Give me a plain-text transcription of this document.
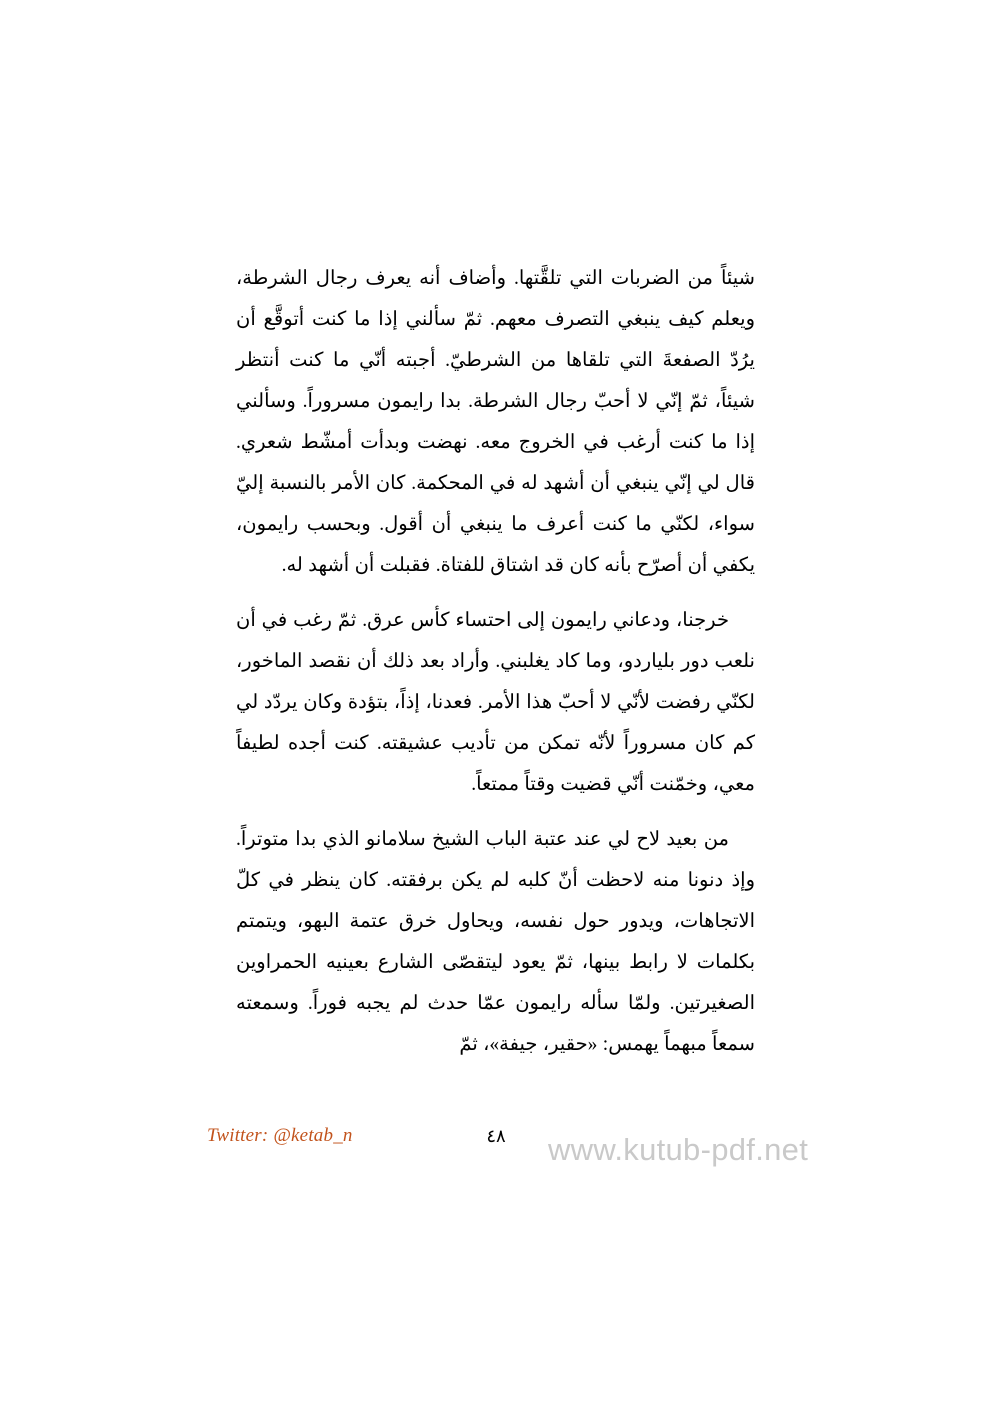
شيئاً من الضربات التي تلقَّتها. وأضاف أنه يعرف رجال الشرطة، ويعلم كيف ينبغي التصرف معهم. ثمّ سألني إذا ما كنت أتوقَّع أن يرُدّ الصفعةَ التي تلقاها من الشرطيّ. أجبته أنّي ما كنت أنتظر شيئاً، ثمّ إنّي لا أحبّ رجال الشرطة. بدا رايمون مسروراً. وسألني إذا ما كنت أرغب في الخروج معه. نهضت وبدأت أمشّط شعري. قال لي إنّي ينبغي أن أشهد له في المحكمة. كان الأمر بالنسبة إليّ سواء، لكنّي ما كنت أعرف ما ينبغي أن أقول. وبحسب رايمون، يكفي أن أصرّح بأنه كان قد اشتاق للفتاة. فقبلت أن أشهد له.

خرجنا، ودعاني رايمون إلى احتساء كأس عرق. ثمّ رغب في أن نلعب دور بلياردو، وما كاد يغلبني. وأراد بعد ذلك أن نقصد الماخور، لكنّي رفضت لأنّي لا أحبّ هذا الأمر. فعدنا، إذاً، بتؤدة وكان يردّد لي كم كان مسروراً لأنّه تمكن من تأديب عشيقته. كنت أجده لطيفاً معي، وخمّنت أنّي قضيت وقتاً ممتعاً.

من بعيد لاح لي عند عتبة الباب الشيخ سلامانو الذي بدا متوتراً. وإذ دنونا منه لاحظت أنّ كلبه لم يكن برفقته. كان ينظر في كلّ الاتجاهات، ويدور حول نفسه، ويحاول خرق عتمة البهو، ويتمتم بكلمات لا رابط بينها، ثمّ يعود ليتقصّى الشارع بعينيه الحمراوين الصغيرتين. ولمّا سأله رايمون عمّا حدث لم يجبه فوراً. وسمعته سمعاً مبهماً يهمس: «حقير، جيفة»، ثمّ

Twitter: @ketab_n	٤٨	www.kutub-pdf.net
